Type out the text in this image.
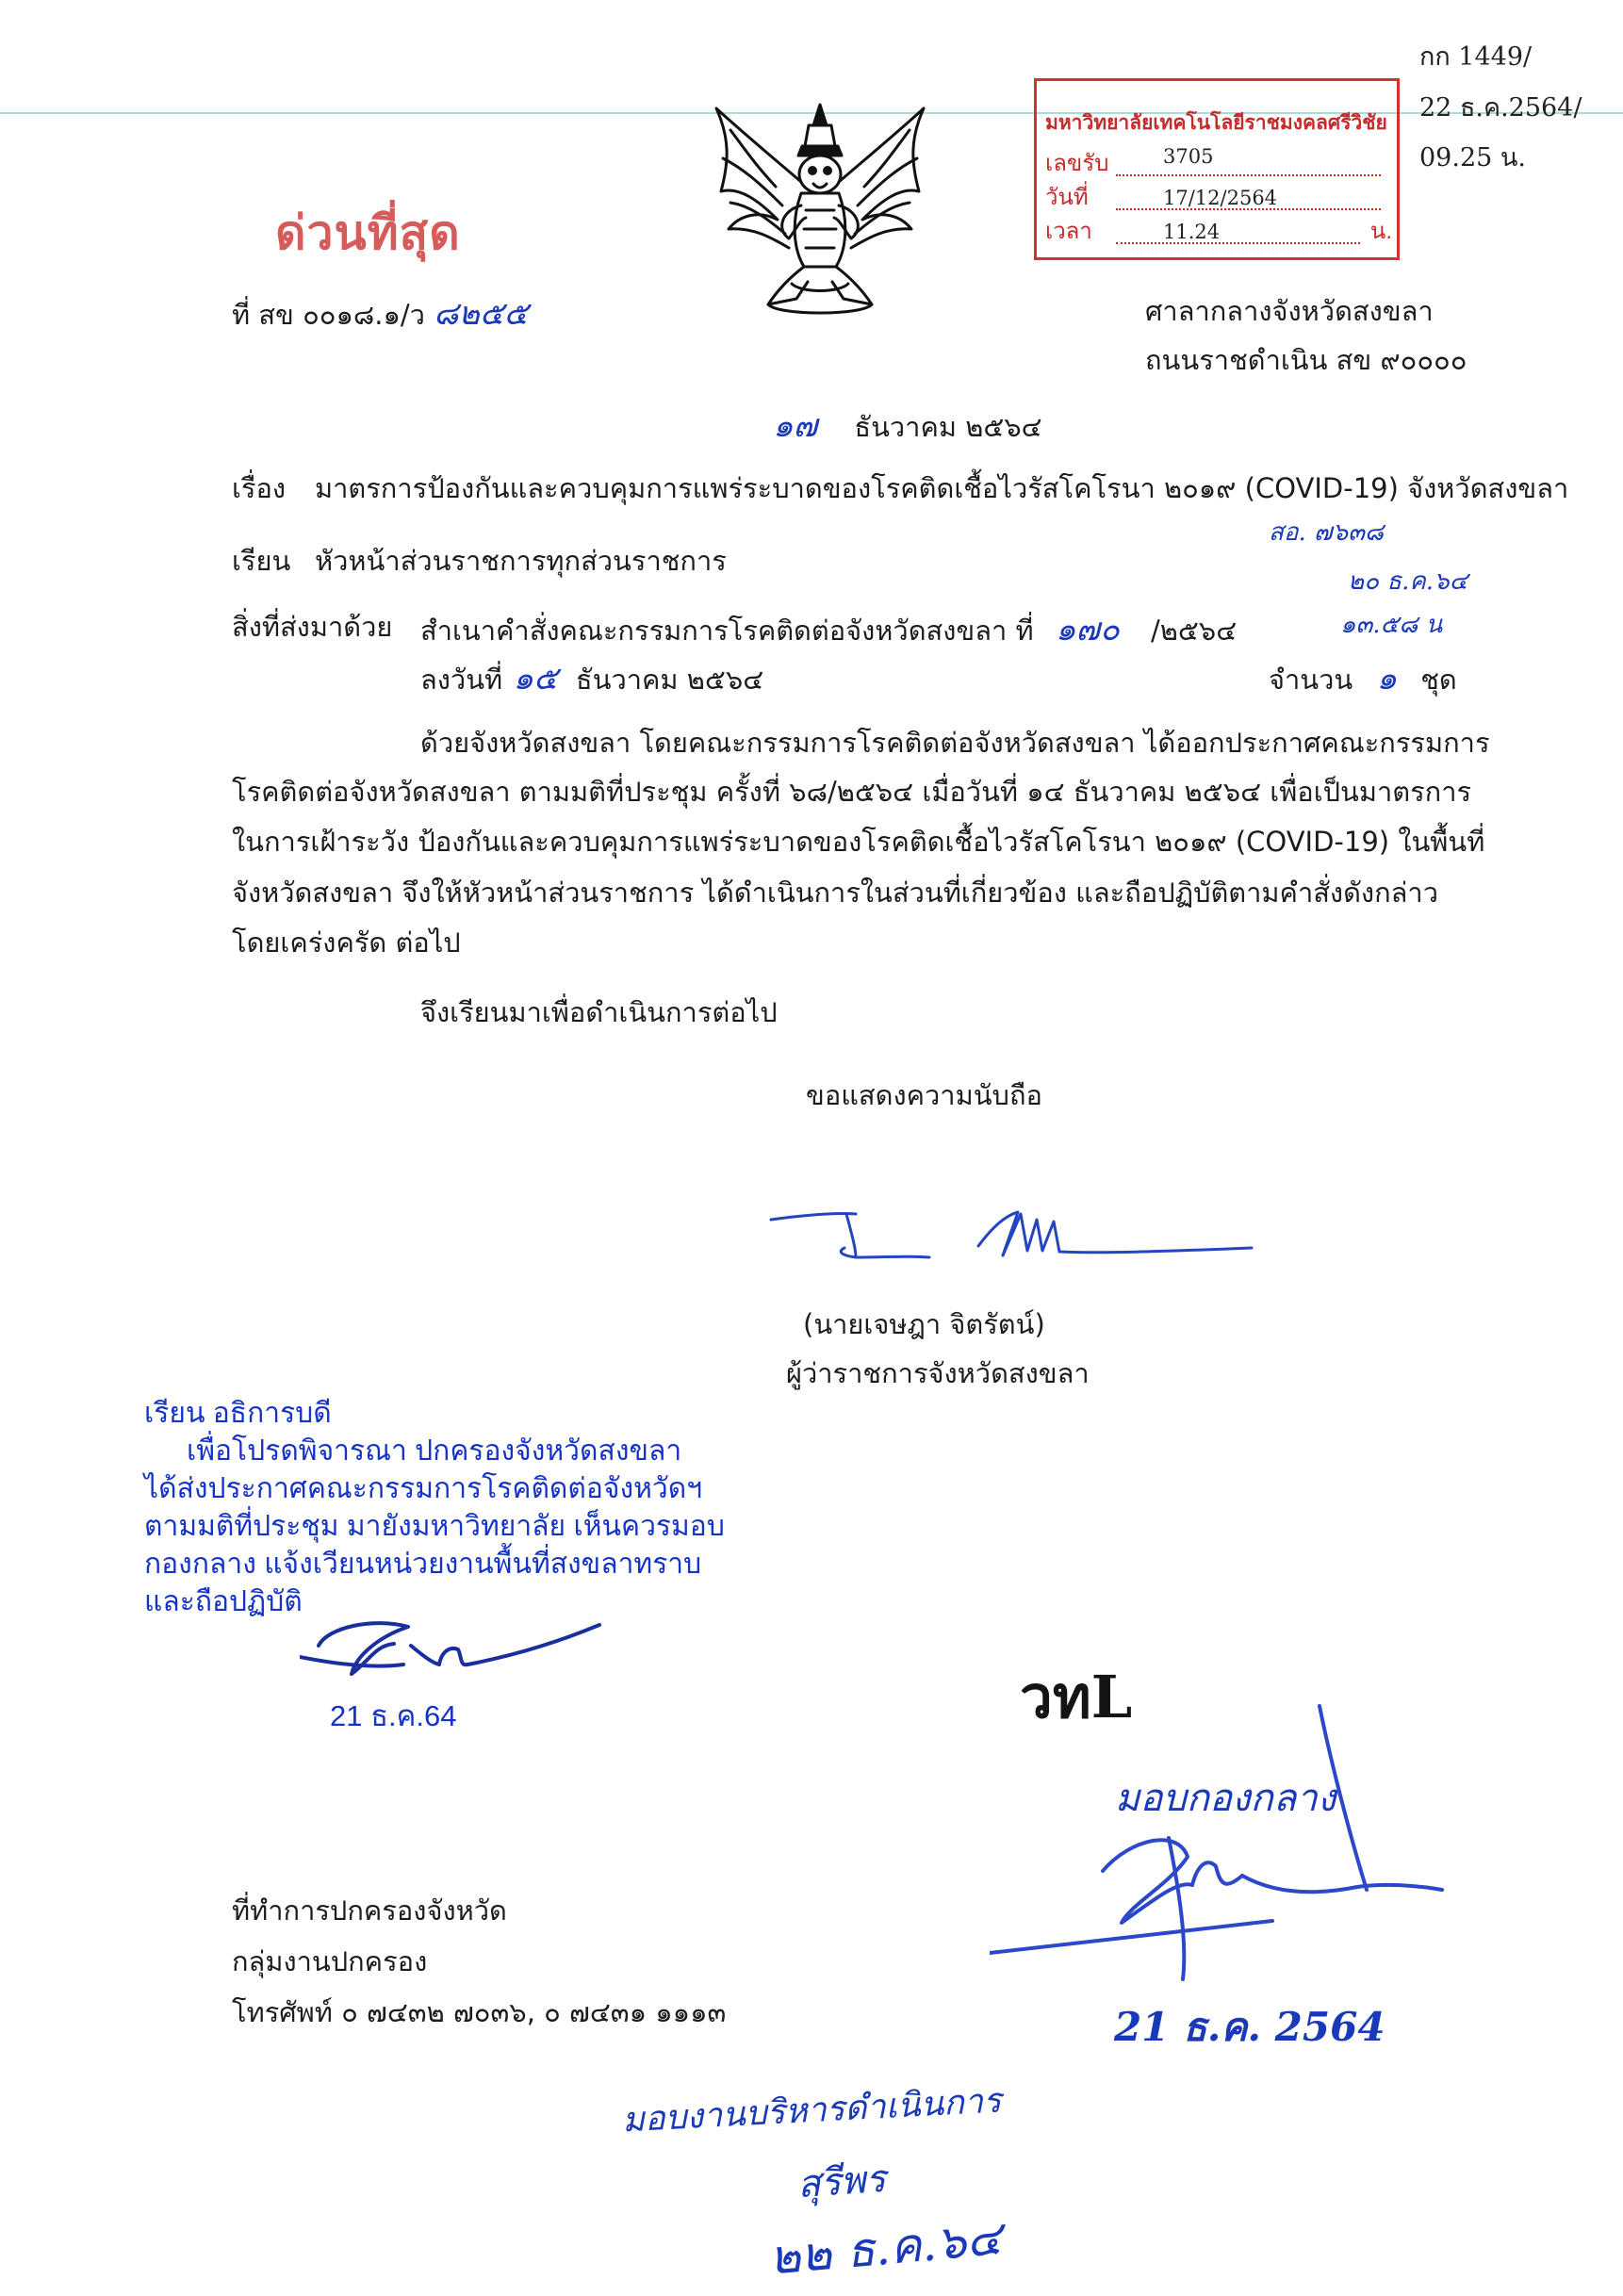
กก 1449/
22 ธ.ค.2564/
09.25 น.
มหาวิทยาลัยเทคโนโลยีราชมงคลศรีวิชัย
เลขรับ	3705
วันที่	17/12/2564
เวลา	11.24	น.
ด่วนที่สุด
ที่ สข ๐๐๑๘.๑/ว ๘๒๕๕	ศาลากลางจังหวัดสงขลา
ถนนราชดำเนิน สข ๙๐๐๐๐
๑๗ ธันวาคม ๒๕๖๔
เรื่อง มาตรการป้องกันและควบคุมการแพร่ระบาดของโรคติดเชื้อไวรัสโคโรนา ๒๐๑๙ (COVID-19) จังหวัดสงขลา
สอ. ๗๖๓๘
๒๐ ธ.ค.๖๔
๑๓.๕๘ น
เรียน หัวหน้าส่วนราชการทุกส่วนราชการ
สิ่งที่ส่งมาด้วย สำเนาคำสั่งคณะกรรมการโรคติดต่อจังหวัดสงขลา ที่ ๑๗๐ /๒๕๖๔
ลงวันที่ ๑๕ ธันวาคม ๒๕๖๔	จำนวน ๑ ชุด
ด้วยจังหวัดสงขลา โดยคณะกรรมการโรคติดต่อจังหวัดสงขลา ได้ออกประกาศคณะกรรมการ
โรคติดต่อจังหวัดสงขลา ตามมติที่ประชุม ครั้งที่ ๖๘/๒๕๖๔ เมื่อวันที่ ๑๔ ธันวาคม ๒๕๖๔ เพื่อเป็นมาตรการ
ในการเฝ้าระวัง ป้องกันและควบคุมการแพร่ระบาดของโรคติดเชื้อไวรัสโคโรนา ๒๐๑๙ (COVID-19) ในพื้นที่
จังหวัดสงขลา จึงให้หัวหน้าส่วนราชการ ได้ดำเนินการในส่วนที่เกี่ยวข้อง และถือปฏิบัติตามคำสั่งดังกล่าว
โดยเคร่งครัด ต่อไป
จึงเรียนมาเพื่อดำเนินการต่อไป
ขอแสดงความนับถือ
(นายเจษฎา จิตรัตน์)
ผู้ว่าราชการจังหวัดสงขลา
เรียน อธิการบดี
เพื่อโปรดพิจารณา ปกครองจังหวัดสงขลา
ได้ส่งประกาศคณะกรรมการโรคติดต่อจังหวัดฯ
ตามมติที่ประชุม มายังมหาวิทยาลัย เห็นควรมอบ
กองกลาง แจ้งเวียนหน่วยงานพื้นที่สงขลาทราบ
และถือปฏิบัติ
21 ธ.ค.64	วทL
มอบกองกลาง
21 ธ.ค. 2564
ที่ทำการปกครองจังหวัด
กลุ่มงานปกครอง
โทรศัพท์ ๐ ๗๔๓๒ ๗๐๓๖, ๐ ๗๔๓๑ ๑๑๑๓
มอบงานบริหารดำเนินการ
สุรีพร
๒๒ ธ.ค.๖๔
